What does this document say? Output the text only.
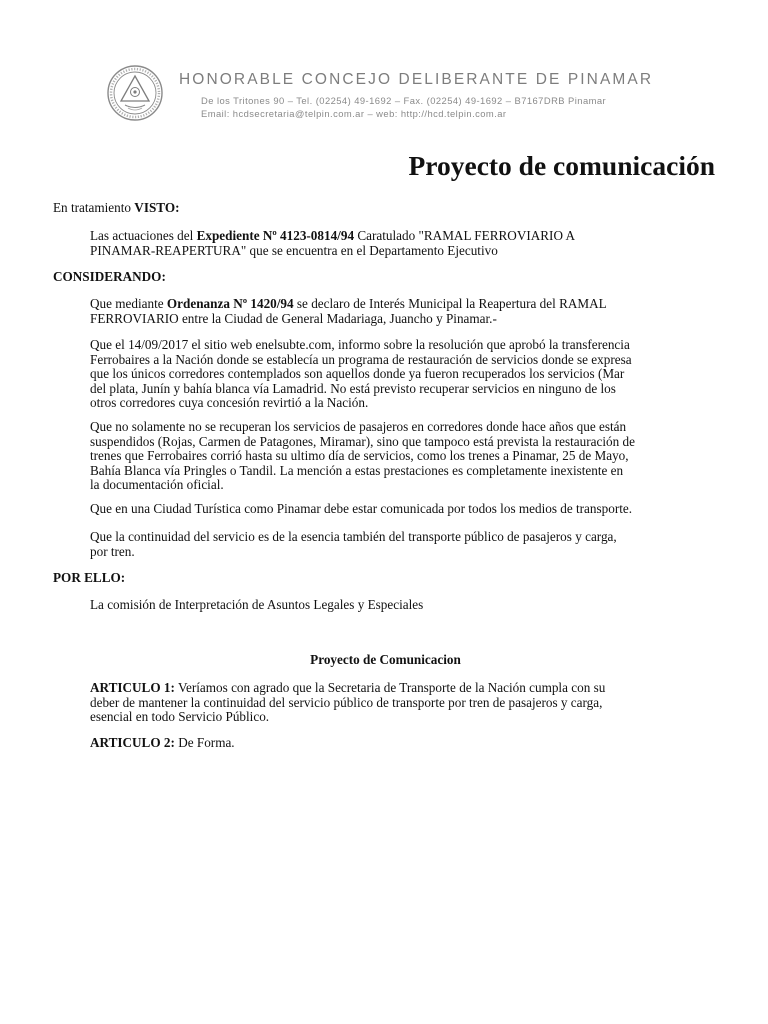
HONORABLE CONCEJO DELIBERANTE DE PINAMAR
De los Tritones 90 – Tel. (02254) 49-1692 – Fax. (02254) 49-1692 – B7167DRB Pinamar
Email: hcdsecretaria@telpin.com.ar – web: http://hcd.telpin.com.ar
Proyecto de comunicación
En tratamiento VISTO:
Las actuaciones del Expediente Nº 4123-0814/94 Caratulado "RAMAL FERROVIARIO A
PINAMAR-REAPERTURA" que se encuentra en el Departamento Ejecutivo
CONSIDERANDO:
Que mediante Ordenanza Nº 1420/94 se declaro de Interés Municipal la Reapertura del RAMAL
FERROVIARIO entre la Ciudad de General Madariaga, Juancho y Pinamar.-
Que el 14/09/2017 el sitio web enelsubte.com, informo sobre la resolución que aprobó la transferencia
Ferrobaires a la Nación donde se establecía un programa de restauración de servicios donde se expresa
que los únicos corredores contemplados son aquellos donde ya fueron recuperados los servicios (Mar
del plata, Junín y bahía blanca vía Lamadrid. No está previsto recuperar servicios en ninguno de los
otros corredores cuya concesión revirtió a la Nación.
Que no solamente no se recuperan los servicios de pasajeros en corredores donde hace años que están
suspendidos (Rojas, Carmen de Patagones, Miramar), sino que tampoco está prevista la restauración de
trenes que Ferrobaires corrió hasta su ultimo día de servicios, como los trenes a Pinamar, 25 de Mayo,
Bahía Blanca vía Pringles o Tandil. La mención a estas prestaciones es completamente inexistente en
la documentación oficial.
Que en una Ciudad Turística como Pinamar debe estar comunicada por todos los medios de transporte.
Que la continuidad del servicio es de la esencia también del transporte público de pasajeros y carga,
por tren.
POR ELLO:
La comisión de Interpretación de Asuntos Legales y Especiales
Proyecto de Comunicacion
ARTICULO 1: Veríamos con agrado que la Secretaria de Transporte de la Nación cumpla con su
deber de mantener la continuidad del servicio público de transporte por tren de pasajeros y carga,
esencial en todo Servicio Público.
ARTICULO 2: De Forma.
